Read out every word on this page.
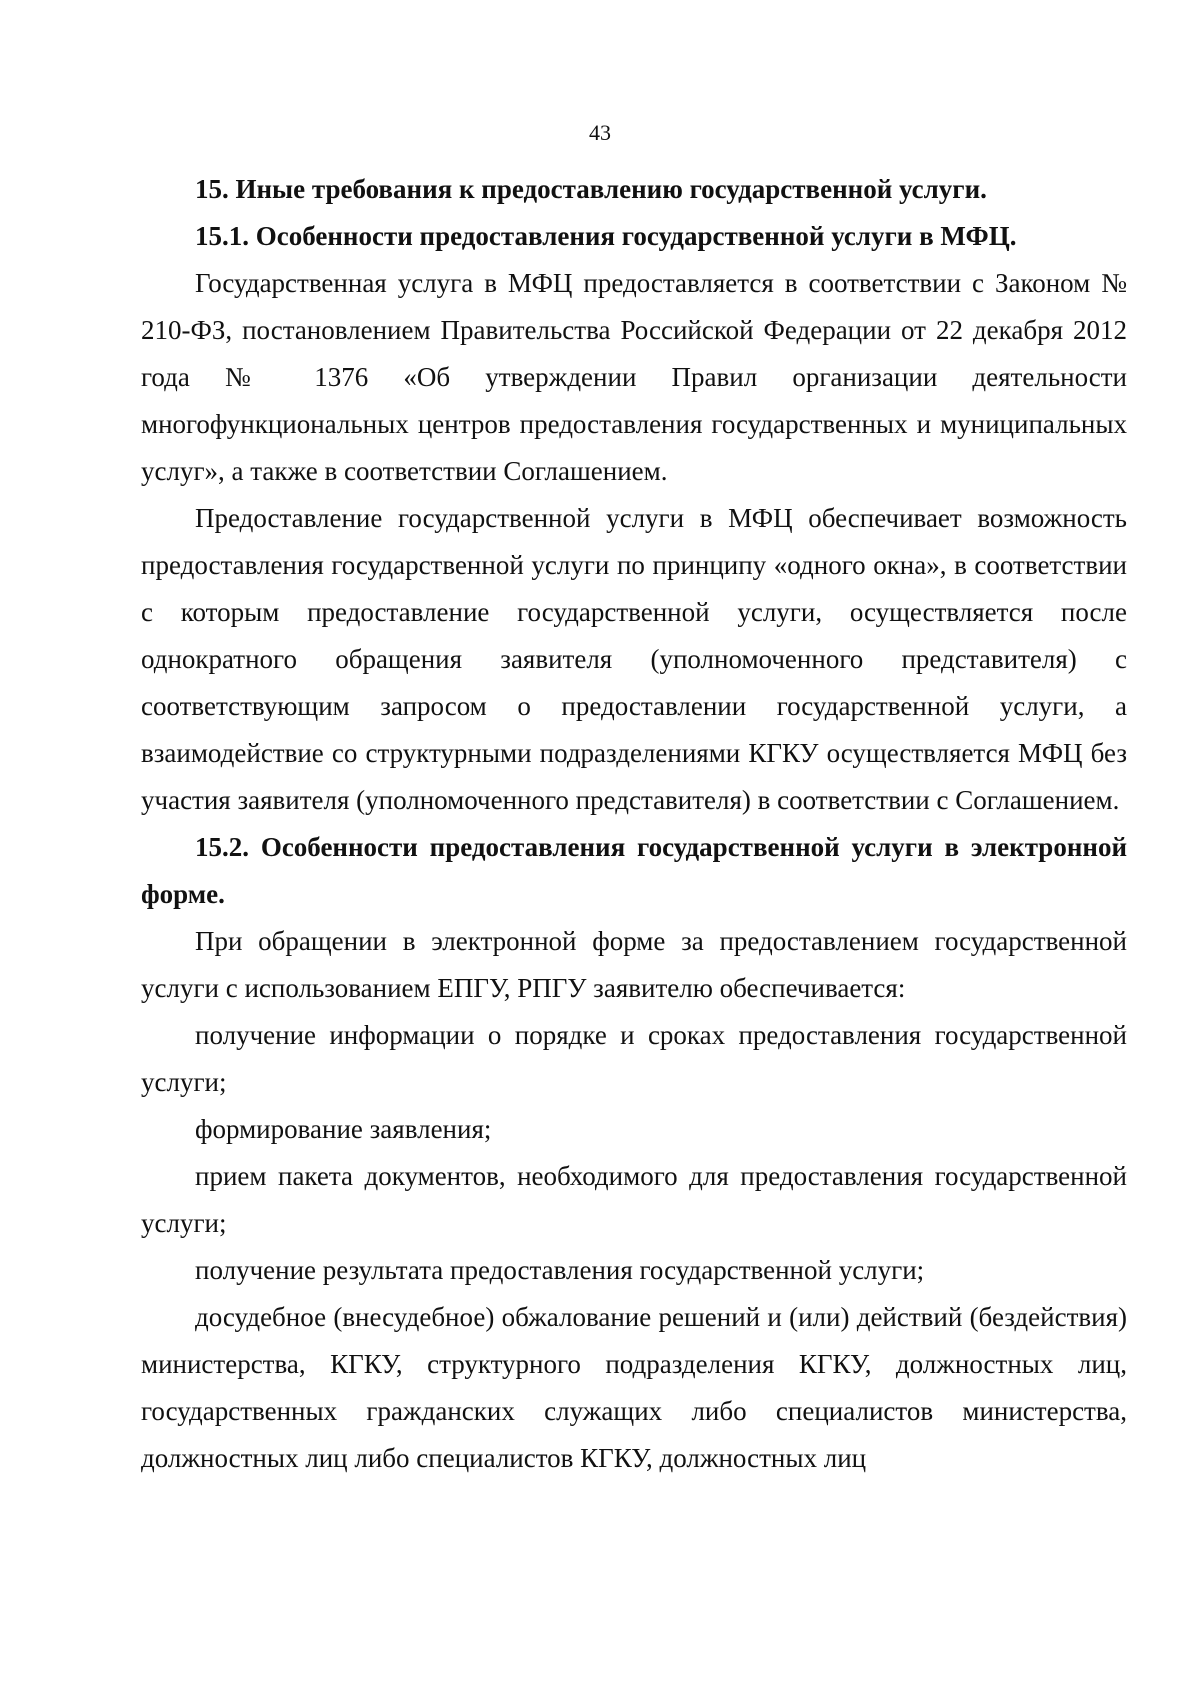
43

15. Иные требования к предоставлению государственной услуги.

15.1. Особенности предоставления государственной услуги в МФЦ.

Государственная услуга в МФЦ предоставляется в соответствии с Законом № 210-ФЗ, постановлением Правительства Российской Федерации от 22 декабря 2012 года № 1376 «Об утверждении Правил организации деятельности многофункциональных центров предоставления государственных и муниципальных услуг», а также в соответствии Соглашением.

Предоставление государственной услуги в МФЦ обеспечивает возможность предоставления государственной услуги по принципу «одного окна», в соответствии с которым предоставление государственной услуги, осуществляется после однократного обращения заявителя (уполномоченного представителя) с соответствующим запросом о предоставлении государственной услуги, а взаимодействие со структурными подразделениями КГКУ осуществляется МФЦ без участия заявителя (уполномоченного представителя) в соответствии с Соглашением.

15.2. Особенности предоставления государственной услуги в электронной форме.

При обращении в электронной форме за предоставлением государственной услуги с использованием ЕПГУ, РПГУ заявителю обеспечивается:

получение информации о порядке и сроках предоставления государственной услуги;

формирование заявления;

прием пакета документов, необходимого для предоставления государственной услуги;

получение результата предоставления государственной услуги;

досудебное (внесудебное) обжалование решений и (или) действий (бездействия) министерства, КГКУ, структурного подразделения КГКУ, должностных лиц, государственных гражданских служащих либо специалистов министерства, должностных лиц либо специалистов КГКУ, должностных лиц
